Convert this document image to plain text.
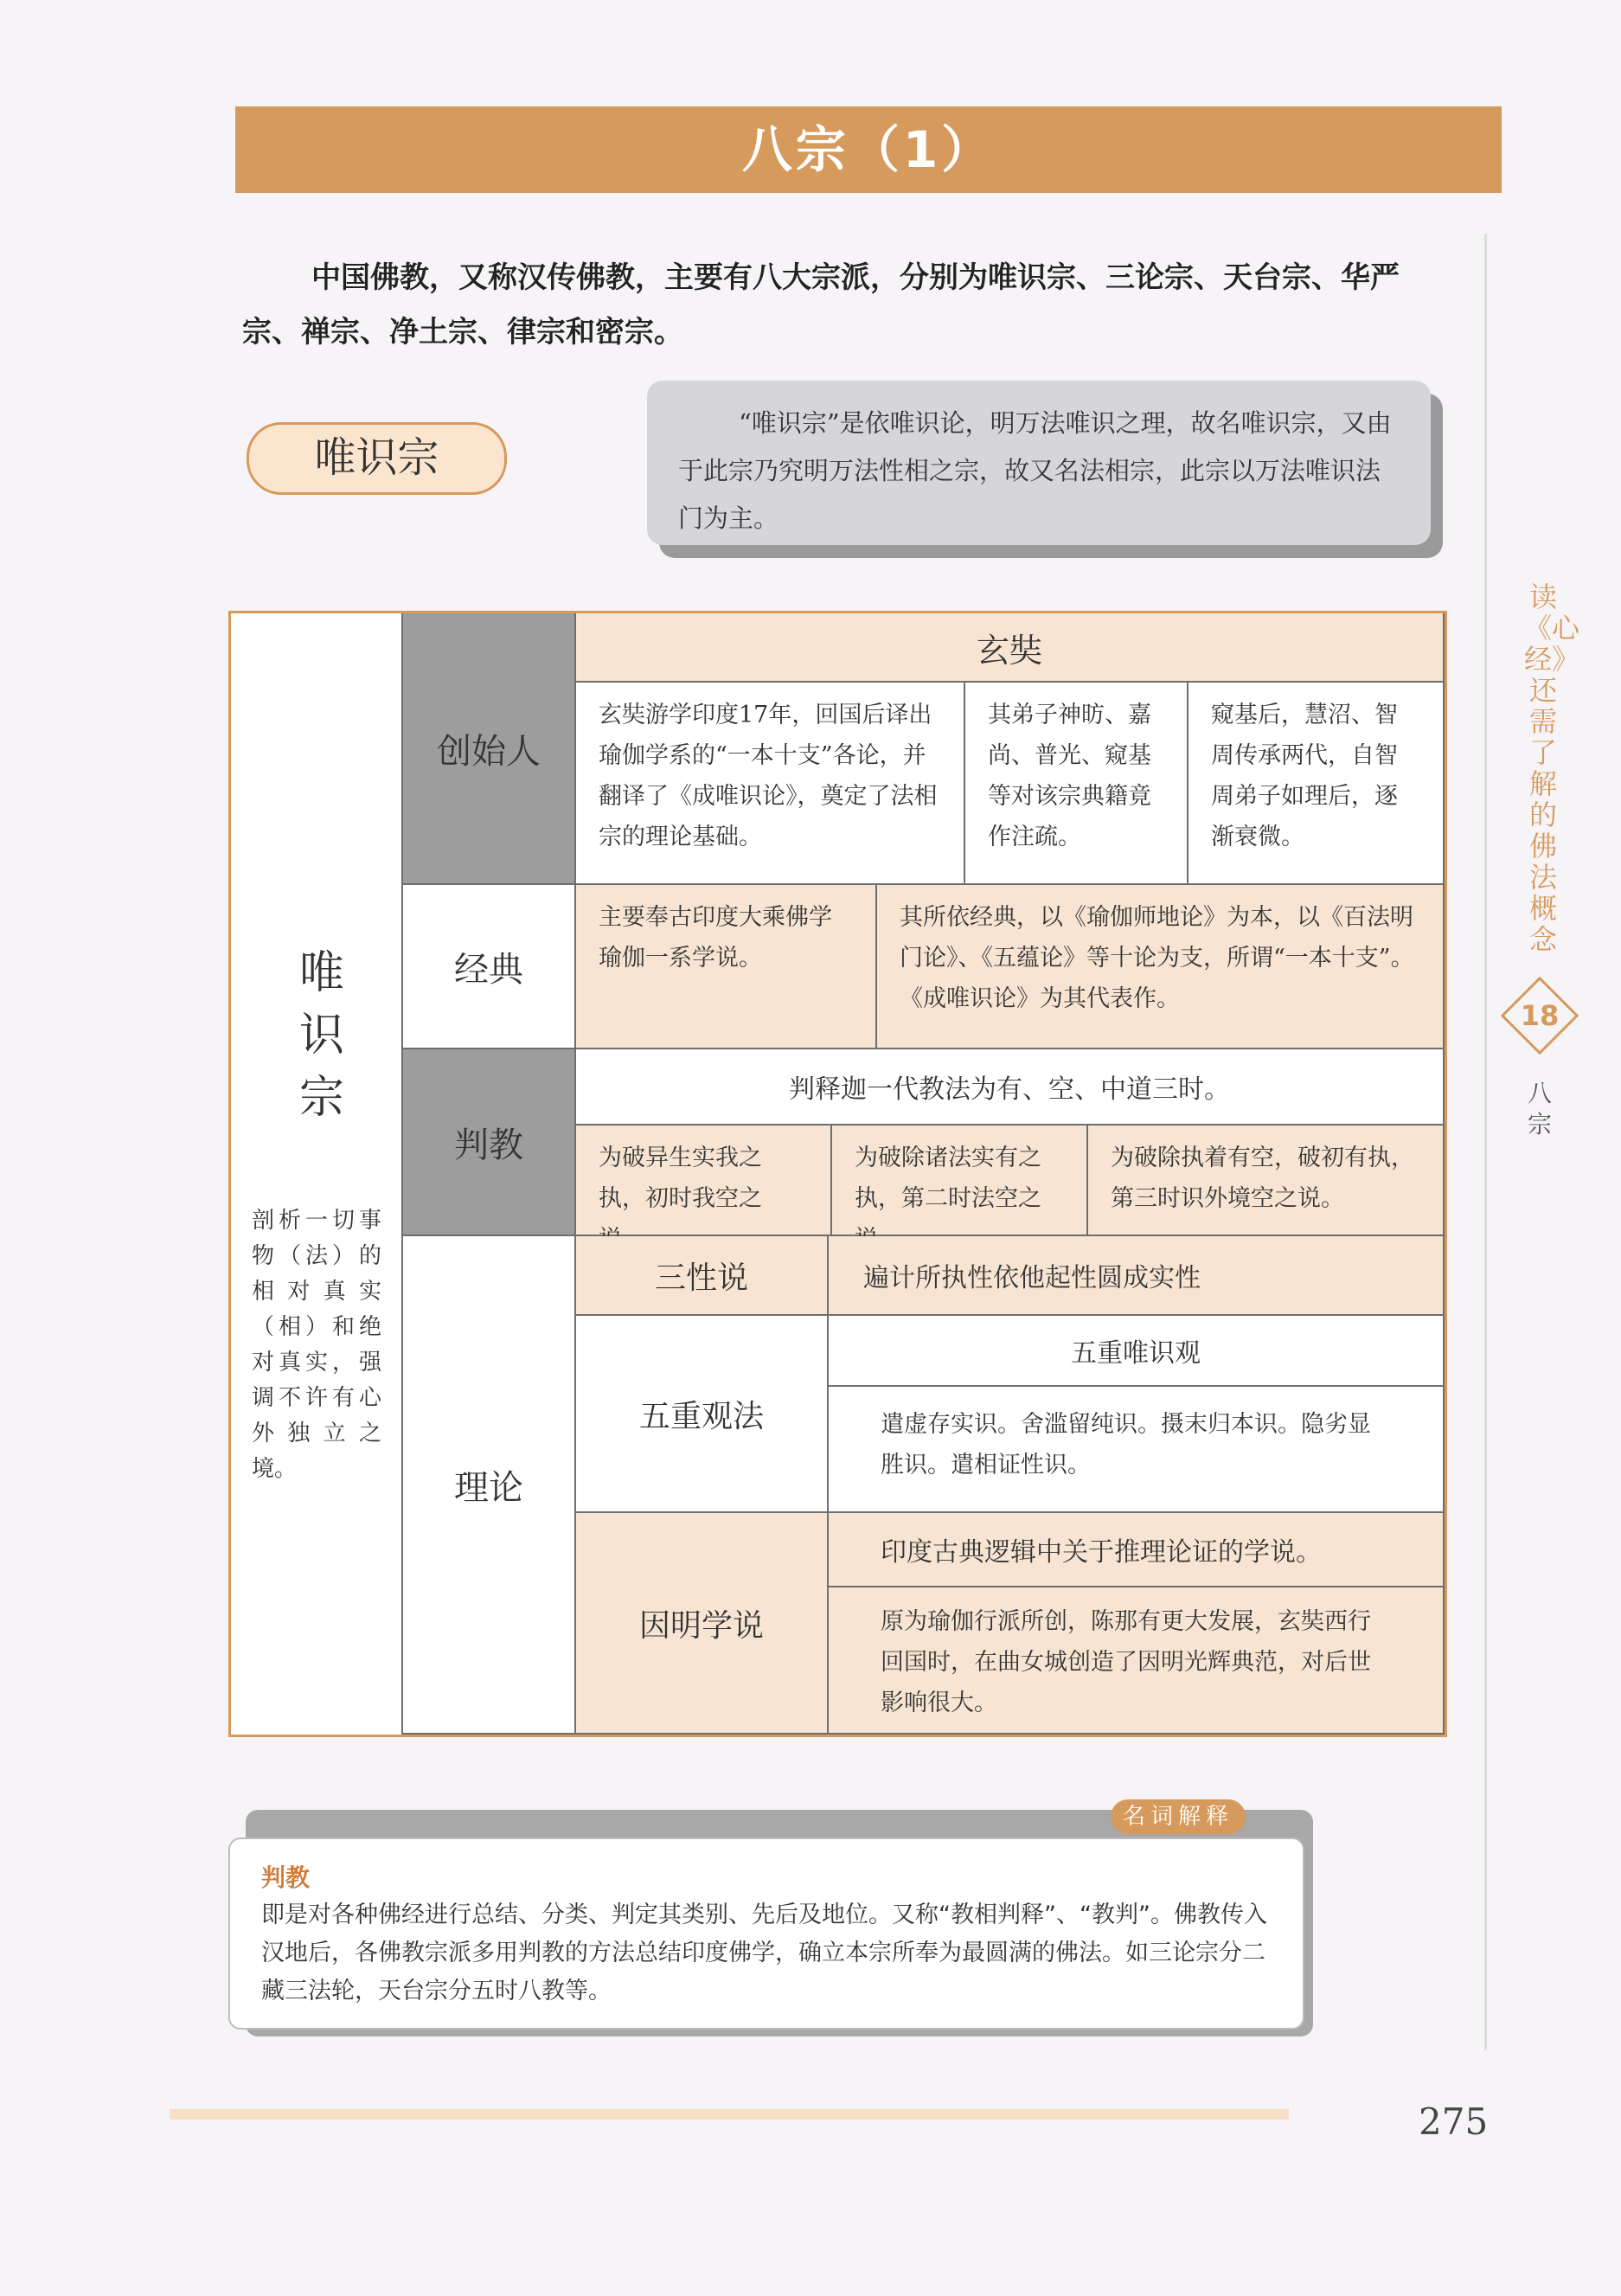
八宗（1）
中国佛教，又称汉传佛教，主要有八大宗派，分别为唯识宗、三论宗、天台宗、华严宗、禅宗、净土宗、律宗和密宗。
唯识宗
“唯识宗”是依唯识论，明万法唯识之理，故名唯识宗，又由于此宗乃究明万法性相之宗，故又名法相宗，此宗以万法唯识法门为主。
唯识宗
剖析一切事物（法）的相对真实（相）和绝对真实，强调不许有心外独立之境。
创始人
玄奘
玄奘游学印度17年，回国后译出瑜伽学系的“一本十支”各论，并翻译了《成唯识论》，奠定了法相宗的理论基础。
其弟子神昉、嘉尚、普光、窥基等对该宗典籍竟作注疏。
窥基后，慧沼、智周传承两代，自智周弟子如理后，逐渐衰微。
经典
主要奉古印度大乘佛学瑜伽一系学说。
其所依经典，以《瑜伽师地论》为本，以《百法明门论》、《五蕴论》等十论为支，所谓“一本十支”。《成唯识论》为其代表作。
判教
判释迦一代教法为有、空、中道三时。
为破异生实我之执，初时我空之
为破除诸法实有之执，第二时法空之
为破除执着有空，破初有执，第三时识外境空之说。
理论
三性说	遍计所执性依他起性圆成实性
五重观法
五重唯识观
遣虚存实识。舍滥留纯识。摄末归本识。隐劣显胜识。遣相证性识。
因明学说
印度古典逻辑中关于推理论证的学说。
原为瑜伽行派所创，陈那有更大发展，玄奘西行回国时，在曲女城创造了因明光辉典范，对后世影响很大。
判教
即是对各种佛经进行总结、分类、判定其类别、先后及地位。又称“教相判释”、“教判”。佛教传入汉地后，各佛教宗派多用判教的方法总结印度佛学，确立本宗所奉为最圆满的佛法。如三论宗分二藏三法轮，天台宗分五时八教等。
名词解释
读《心经》还需了解的佛法概念
18
八宗
275
